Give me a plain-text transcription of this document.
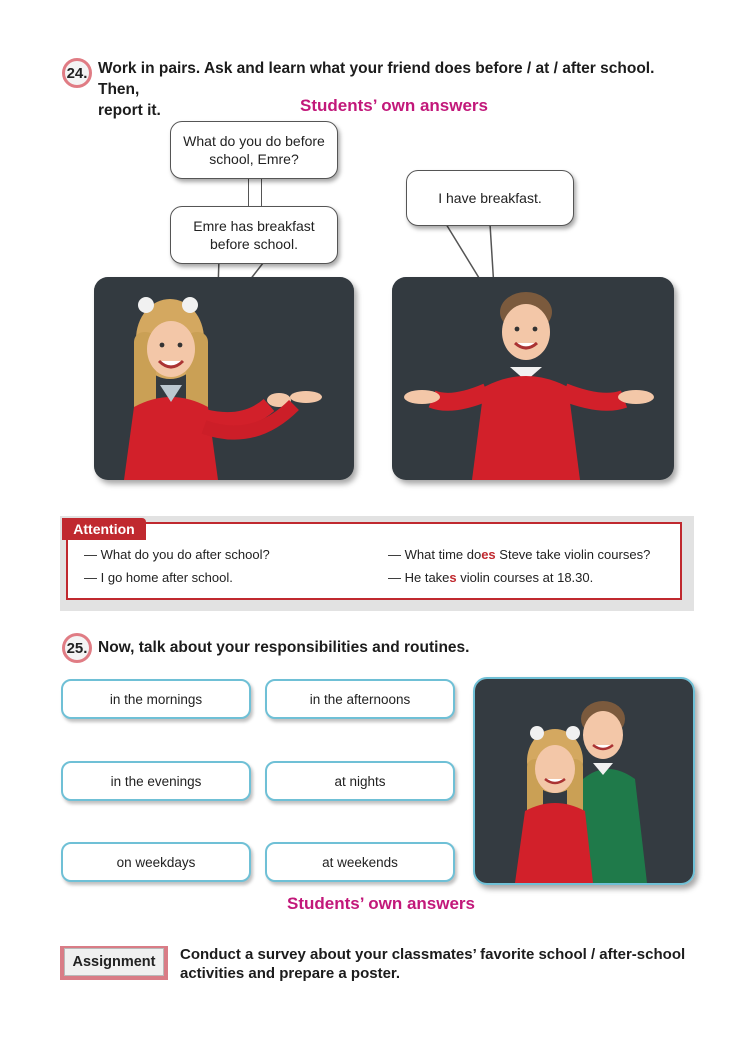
24. Work in pairs. Ask and learn what your friend does before / at / after school. Then,
report it.	Students’ own answers
What do you do before
school, Emre?
Emre has breakfast
before school.
I have breakfast.
Attention
— What do you do after school?
— I go home after school.
— What time does Steve take violin courses?
— He takes violin courses at 18.30.
25. Now, talk about your responsibilities and routines.
in the mornings	in the afternoons
in the evenings	at nights
on weekdays	at weekends
Students’ own answers
Assignment	Conduct a survey about your classmates’ favorite school / after-school
activities and prepare a poster.
